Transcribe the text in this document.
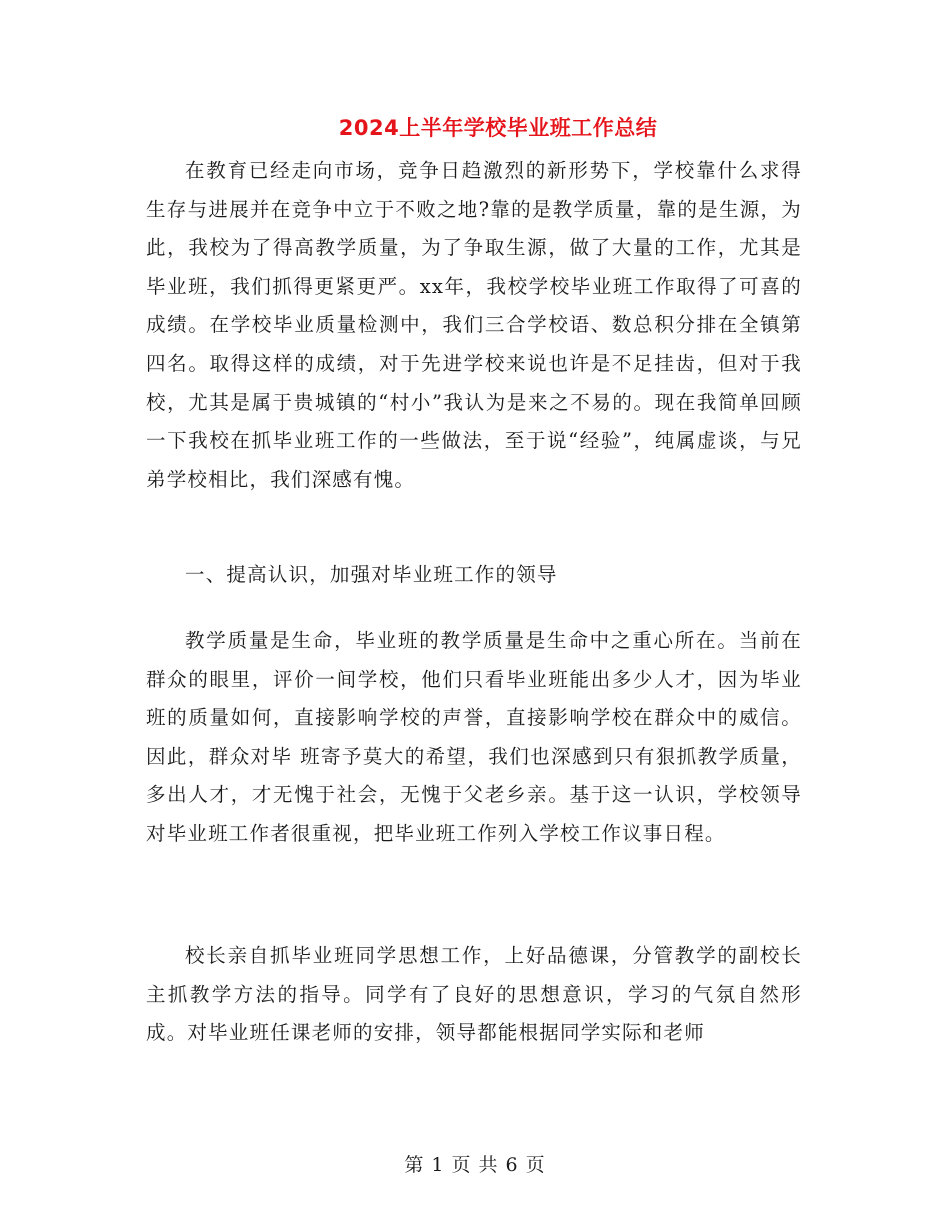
2024上半年学校毕业班工作总结

在教育已经走向市场，竞争日趋激烈的新形势下，学校靠什么求得生存与进展并在竞争中立于不败之地?靠的是教学质量，靠的是生源，为此，我校为了得高教学质量，为了争取生源，做了大量的工作，尤其是毕业班，我们抓得更紧更严。xx年，我校学校毕业班工作取得了可喜的成绩。在学校毕业质量检测中，我们三合学校语、数总积分排在全镇第四名。取得这样的成绩，对于先进学校来说也许是不足挂齿，但对于我校，尤其是属于贵城镇的“村小”我认为是来之不易的。现在我简单回顾一下我校在抓毕业班工作的一些做法，至于说“经验”，纯属虚谈，与兄弟学校相比，我们深感有愧。

一、提高认识，加强对毕业班工作的领导

教学质量是生命，毕业班的教学质量是生命中之重心所在。当前在群众的眼里，评价一间学校，他们只看毕业班能出多少人才，因为毕业班的质量如何，直接影响学校的声誉，直接影响学校在群众中的威信。因此，群众对毕 班寄予莫大的希望，我们也深感到只有狠抓教学质量，多出人才，才无愧于社会，无愧于父老乡亲。基于这一认识，学校领导对毕业班工作者很重视，把毕业班工作列入学校工作议事日程。

校长亲自抓毕业班同学思想工作，上好品德课，分管教学的副校长主抓教学方法的指导。同学有了良好的思想意识，学习的气氛自然形成。对毕业班任课老师的安排，领导都能根据同学实际和老师

第 1 页 共 6 页
